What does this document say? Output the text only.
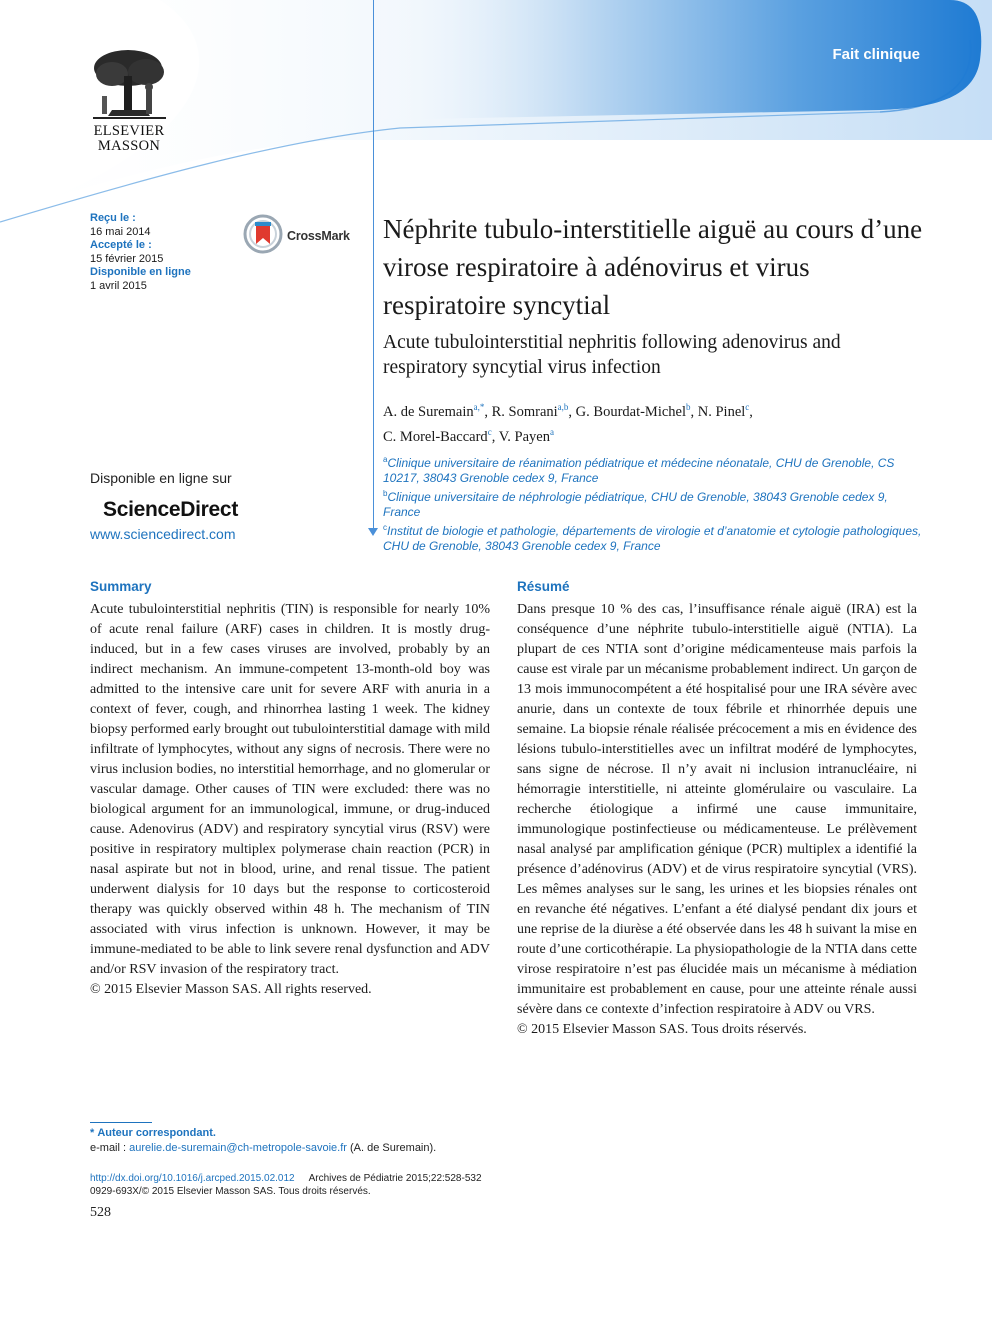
Fait clinique
ELSEVIER
MASSON
Reçu le :
16 mai 2014
Accepté le :
15 février 2015
Disponible en ligne
1 avril 2015
CrossMark Néphrite tubulo-interstitielle aiguë au cours d’une virose respiratoire à adénovirus et virus respiratoire syncytial
Acute tubulointerstitial nephritis following adenovirus and respiratory syncytial virus infection
A. de Suremain$^{a,*}$, R. Somrani$^{a,b}$, G. Bourdat-Michel$^b$, N. Pinel$^c$,
C. Morel-Baccard$^c$, V. Payen$^a$
$^a$Clinique universitaire de réanimation pédiatrique et médecine néonatale, CHU de Grenoble, CS 10217, 38043 Grenoble cedex 9, France
$^b$Clinique universitaire de néphrologie pédiatrique, CHU de Grenoble, 38043 Grenoble cedex 9, France
$^c$Institut de biologie et pathologie, départements de virologie et d’anatomie et cytologie pathologiques, CHU de Grenoble, 38043 Grenoble cedex 9, France
Disponible en ligne sur
ScienceDirect
www.sciencedirect.com
Summary

Acute tubulointerstitial nephritis (TIN) is responsible for nearly 10% of acute renal failure (ARF) cases in children. It is mostly drug-induced, but in a few cases viruses are involved, probably by an indirect mechanism. An immune-competent 13-month-old boy was admitted to the intensive care unit for severe ARF with anuria in a context of fever, cough, and rhinorrhea lasting 1 week. The kidney biopsy performed early brought out tubulointerstitial damage with mild infiltrate of lymphocytes, without any signs of necrosis. There were no virus inclusion bodies, no interstitial hemorrhage, and no glomerular or vascular damage. Other causes of TIN were excluded: there was no biological argument for an immunological, immune, or drug-induced cause. Adenovirus (ADV) and respiratory syncytial virus (RSV) were positive in respiratory multiplex polymerase chain reaction (PCR) in nasal aspirate but not in blood, urine, and renal tissue. The patient underwent dialysis for 10 days but the response to corticosteroid therapy was quickly observed within 48 h. The mechanism of TIN associated with virus infection is unknown. However, it may be immune-mediated to be able to link severe renal dysfunction and ADV and/or RSV invasion of the respiratory tract.

© 2015 Elsevier Masson SAS. All rights reserved.

Résumé

Dans presque 10 % des cas, l’insuffisance rénale aiguë (IRA) est la conséquence d’une néphrite tubulo-interstitielle aiguë (NTIA). La plupart de ces NTIA sont d’origine médicamenteuse mais parfois la cause est virale par un mécanisme probablement indirect. Un garçon de 13 mois immunocompétent a été hospitalisé pour une IRA sévère avec anurie, dans un contexte de toux fébrile et rhinorrhée depuis une semaine. La biopsie rénale réalisée précocement a mis en évidence des lésions tubulo-interstitielles avec un infiltrat modéré de lymphocytes, sans signe de nécrose. Il n’y avait ni inclusion intranucléaire, ni hémorragie interstitielle, ni atteinte glomérulaire ou vasculaire. La recherche étiologique a infirmé une cause immunitaire, immunologique postinfectieuse ou médicamenteuse. Le prélèvement nasal analysé par amplification génique (PCR) multiplex a identifié la présence d’adénovirus (ADV) et de virus respiratoire syncytial (VRS). Les mêmes analyses sur le sang, les urines et les biopsies rénales ont en revanche été négatives. L’enfant a été dialysé pendant dix jours et une reprise de la diurèse a été observée dans les 48 h suivant la mise en route d’une corticothérapie. La physiopathologie de la NTIA dans cette virose respiratoire n’est pas élucidée mais un mécanisme à médiation immunitaire est probablement en cause, pour une atteinte rénale aussi sévère dans ce contexte d’infection respiratoire à ADV ou VRS.

© 2015 Elsevier Masson SAS. Tous droits réservés.

* Auteur correspondant.
e-mail : aurelie.de-suremain@ch-metropole-savoie.fr (A. de Suremain).
http://dx.doi.org/10.1016/j.arcped.2015.02.012 Archives de Pédiatrie 2015;22:528-532
0929-693X/© 2015 Elsevier Masson SAS. Tous droits réservés.
528
